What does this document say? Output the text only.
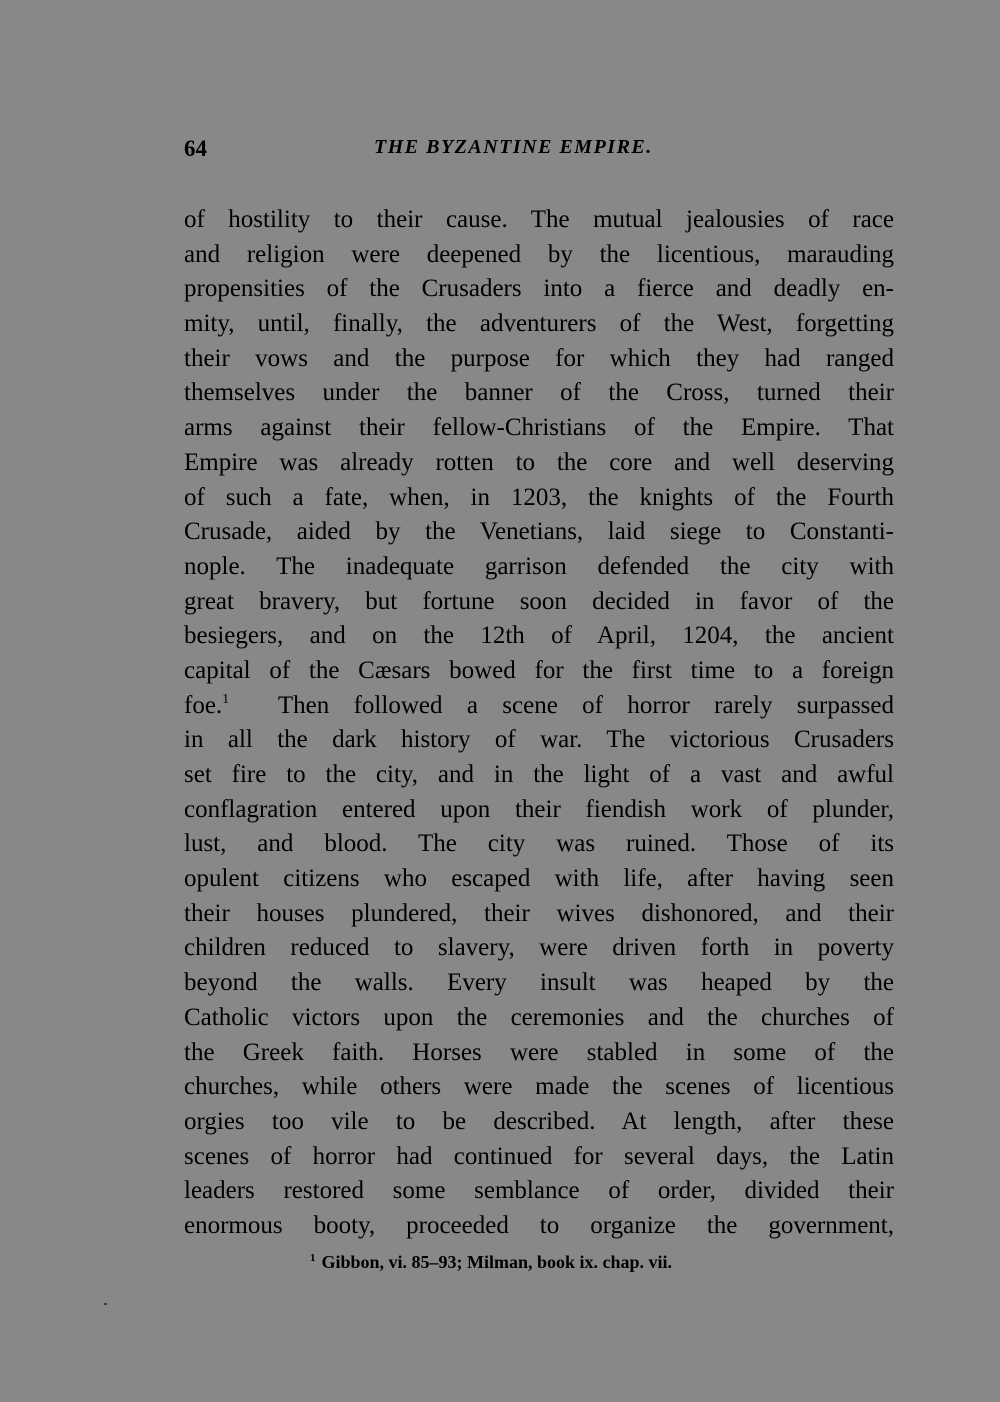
64	THE BYZANTINE EMPIRE.
of hostility to their cause. The mutual jealousies of race
and religion were deepened by the licentious, marauding
propensities of the Crusaders into a fierce and deadly en-
mity, until, finally, the adventurers of the West, forgetting
their vows and the purpose for which they had ranged
themselves under the banner of the Cross, turned their
arms against their fellow-Christians of the Empire. That
Empire was already rotten to the core and well deserving
of such a fate, when, in 1203, the knights of the Fourth
Crusade, aided by the Venetians, laid siege to Constanti-
nople. The inadequate garrison defended the city with
great bravery, but fortune soon decided in favor of the
besiegers, and on the 12th of April, 1204, the ancient
capital of the Cæsars bowed for the first time to a foreign
foe.$^1$ Then followed a scene of horror rarely surpassed
in all the dark history of war. The victorious Crusaders
set fire to the city, and in the light of a vast and awful
conflagration entered upon their fiendish work of plunder,
lust, and blood. The city was ruined. Those of its
opulent citizens who escaped with life, after having seen
their houses plundered, their wives dishonored, and their
children reduced to slavery, were driven forth in poverty
beyond the walls. Every insult was heaped by the
Catholic victors upon the ceremonies and the churches of
the Greek faith. Horses were stabled in some of the
churches, while others were made the scenes of licentious
orgies too vile to be described. At length, after these
scenes of horror had continued for several days, the Latin
leaders restored some semblance of order, divided their
enormous booty, proceeded to organize the government,
$^1$ Gibbon, vi. 85–93; Milman, book ix. chap. vii.
